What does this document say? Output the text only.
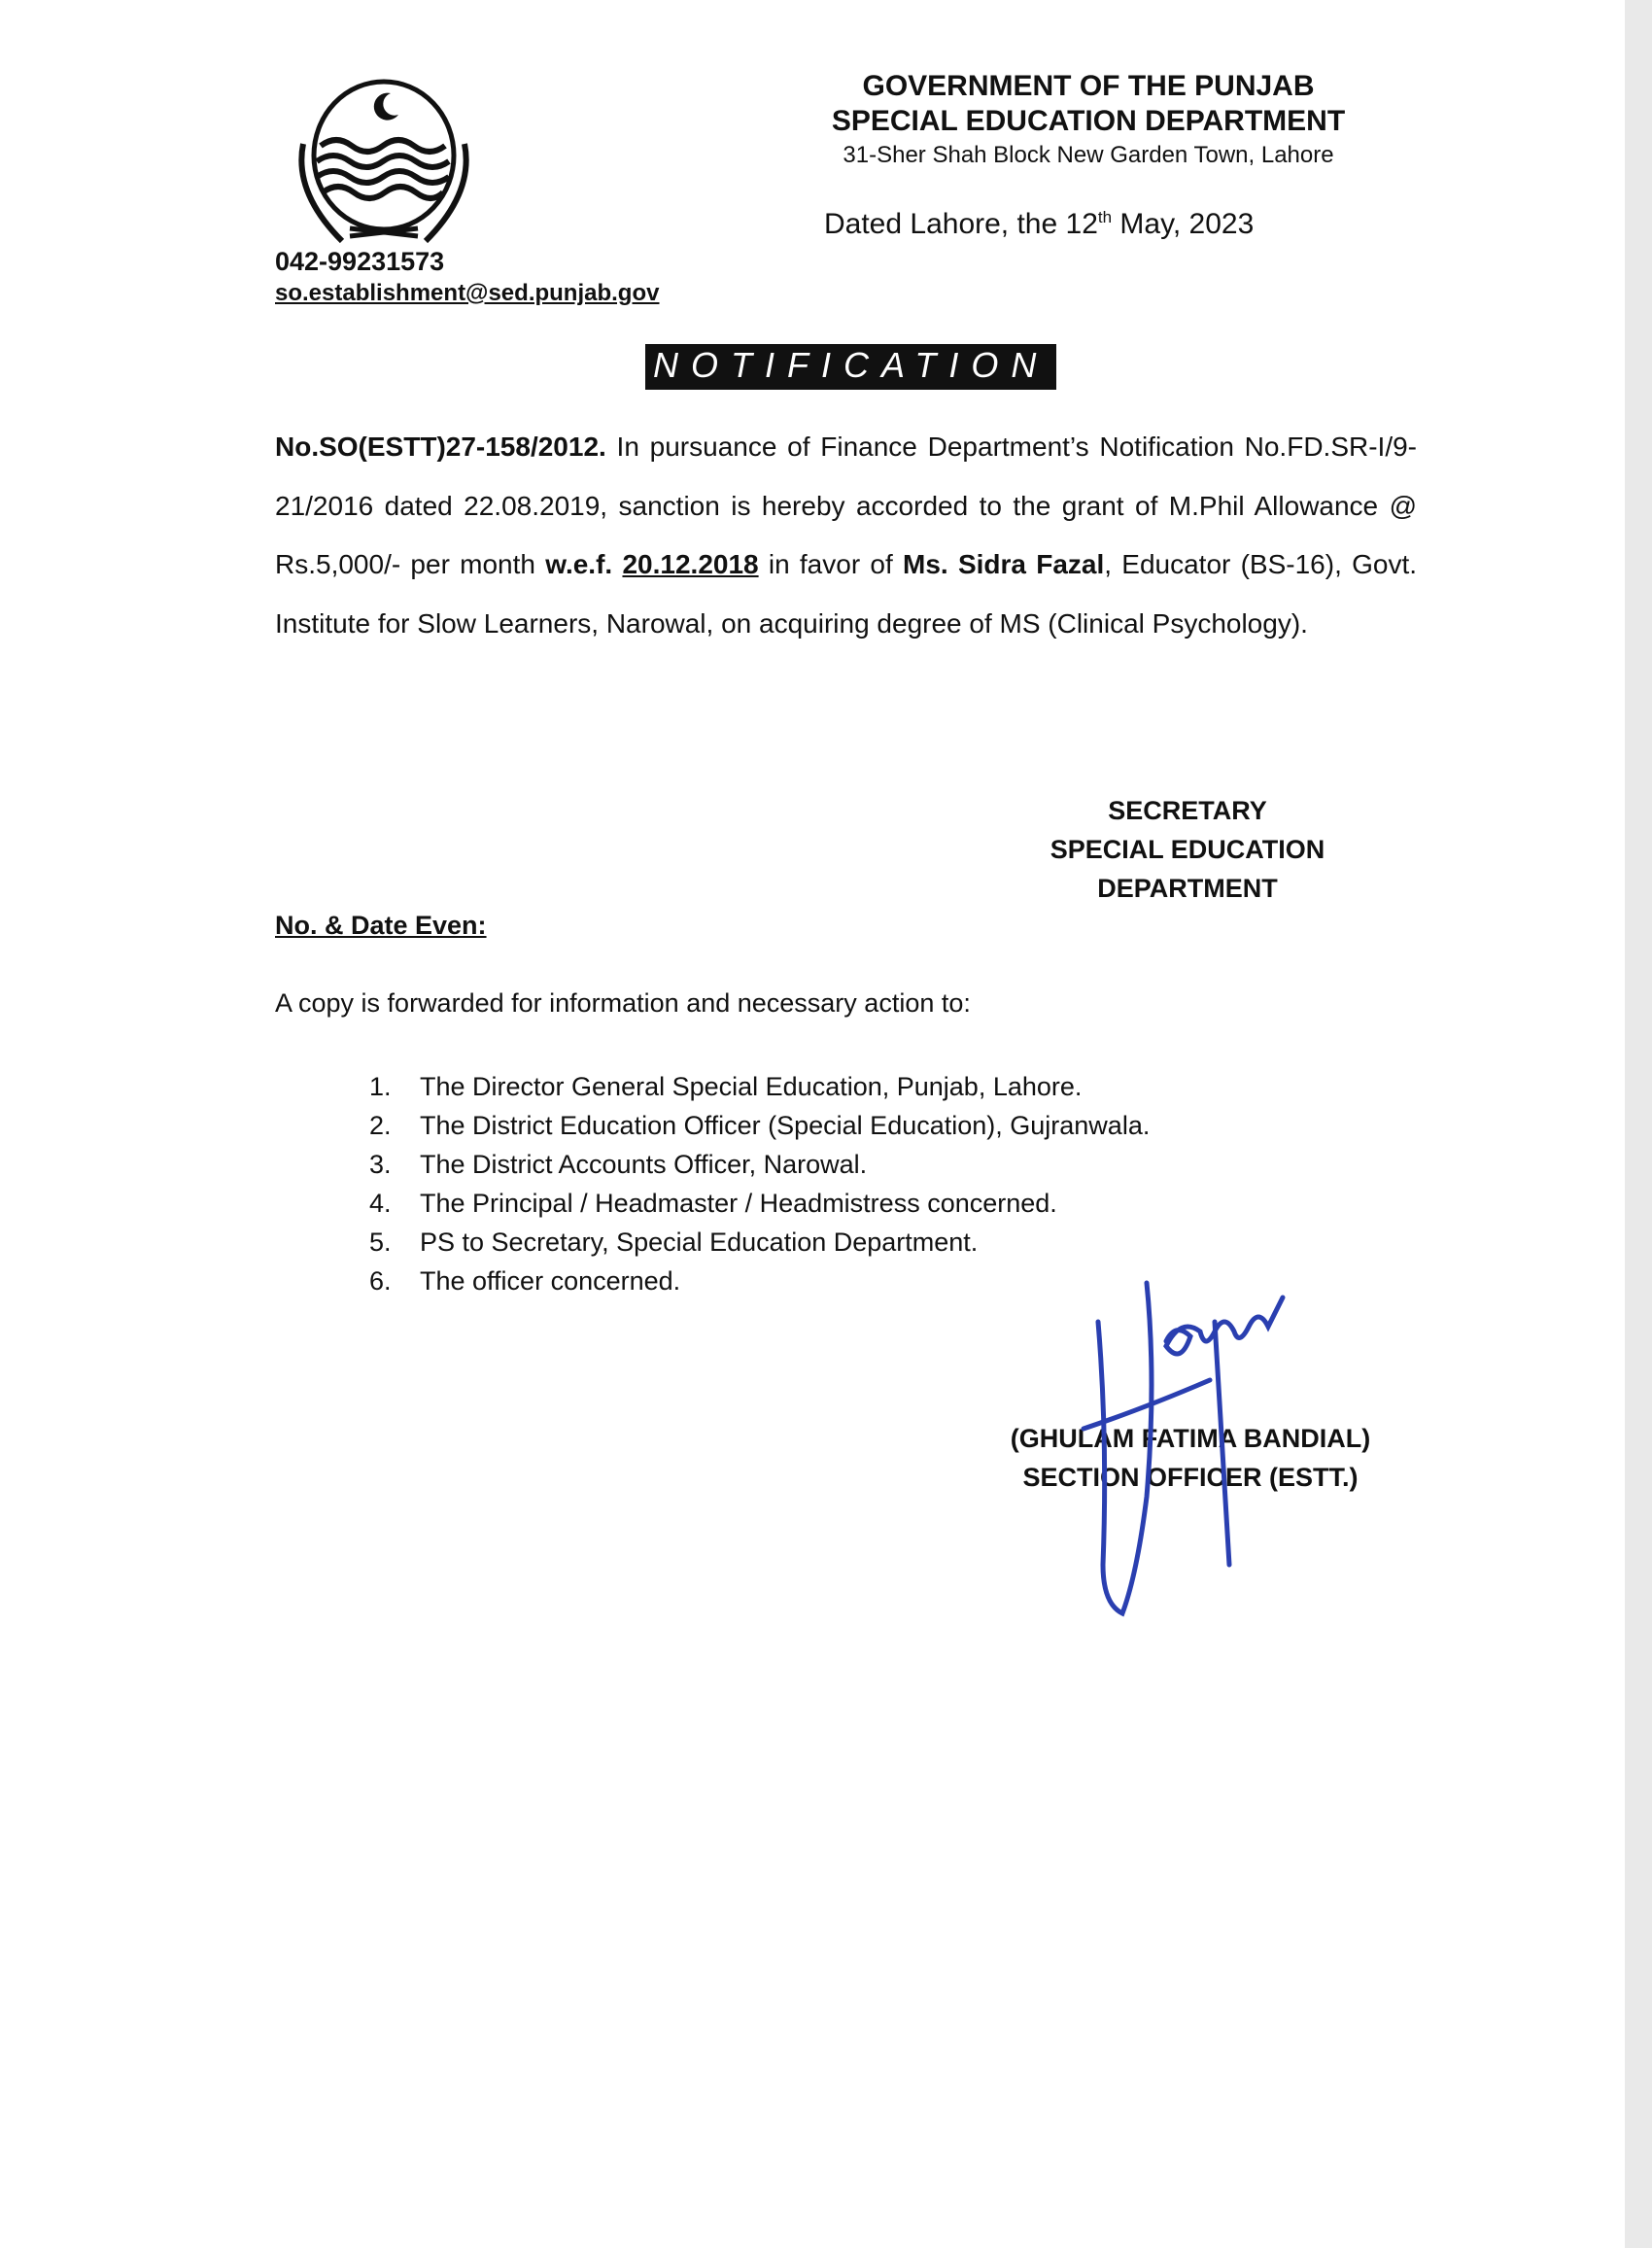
GOVERNMENT OF THE PUNJAB
SPECIAL EDUCATION DEPARTMENT
31-Sher Shah Block New Garden Town, Lahore
Dated Lahore, the 12th May, 2023
042-99231573
so.establishment@sed.punjab.gov
NOTIFICATION
No.SO(ESTT)27-158/2012. In pursuance of Finance Department’s Notification No.FD.SR-I/9-21/2016 dated 22.08.2019, sanction is hereby accorded to the grant of M.Phil Allowance @ Rs.5,000/- per month w.e.f. 20.12.2018 in favor of Ms. Sidra Fazal, Educator (BS-16), Govt. Institute for Slow Learners, Narowal, on acquiring degree of MS (Clinical Psychology).
SECRETARY
SPECIAL EDUCATION
DEPARTMENT
No. & Date Even:
A copy is forwarded for information and necessary action to:
1. The Director General Special Education, Punjab, Lahore.
2. The District Education Officer (Special Education), Gujranwala.
3. The District Accounts Officer, Narowal.
4. The Principal / Headmaster / Headmistress concerned.
5. PS to Secretary, Special Education Department.
6. The officer concerned.
(GHULAM FATIMA BANDIAL)
SECTION OFFICER (ESTT.)
